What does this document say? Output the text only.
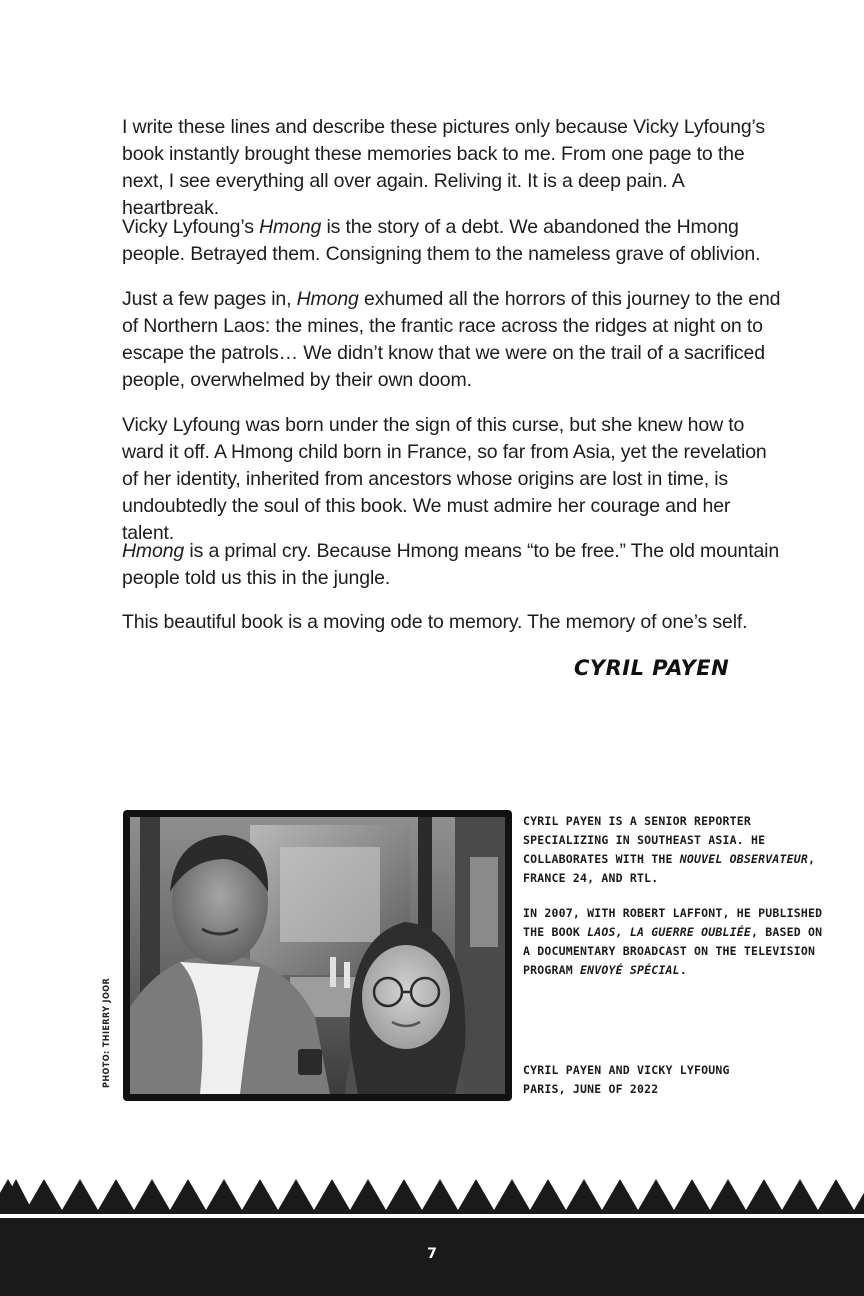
I write these lines and describe these pictures only because Vicky Lyfoung’s book instantly brought these memories back to me. From one page to the next, I see everything all over again. Reliving it. It is a deep pain. A heartbreak.

Vicky Lyfoung’s Hmong is the story of a debt. We abandoned the Hmong people. Betrayed them. Consigning them to the nameless grave of oblivion.

Just a few pages in, Hmong exhumed all the horrors of this journey to the end of Northern Laos: the mines, the frantic race across the ridges at night on to escape the patrols… We didn’t know that we were on the trail of a sacrificed people, overwhelmed by their own doom.

Vicky Lyfoung was born under the sign of this curse, but she knew how to ward it off. A Hmong child born in France, so far from Asia, yet the revelation of her identity, inherited from ancestors whose origins are lost in time, is undoubtedly the soul of this book. We must admire her courage and her talent.

Hmong is a primal cry. Because Hmong means “to be free.” The old mountain people told us this in the jungle.

This beautiful book is a moving ode to memory. The memory of one’s self.

CYRIL PAYEN
PHOTO: THIERRY JOOR

CYRIL PAYEN IS A SENIOR REPORTER SPECIALIZING IN SOUTHEAST ASIA. HE COLLABORATES WITH THE NOUVEL OBSERVATEUR, FRANCE 24, AND RTL.

IN 2007, WITH ROBERT LAFFONT, HE PUBLISHED THE BOOK LAOS, LA GUERRE OUBLIÉE, BASED ON A DOCUMENTARY BROADCAST ON THE TELEVISION PROGRAM ENVOYÉ SPÉCIAL.

CYRIL PAYEN AND VICKY LYFOUNG
PARIS, JUNE OF 2022

7
